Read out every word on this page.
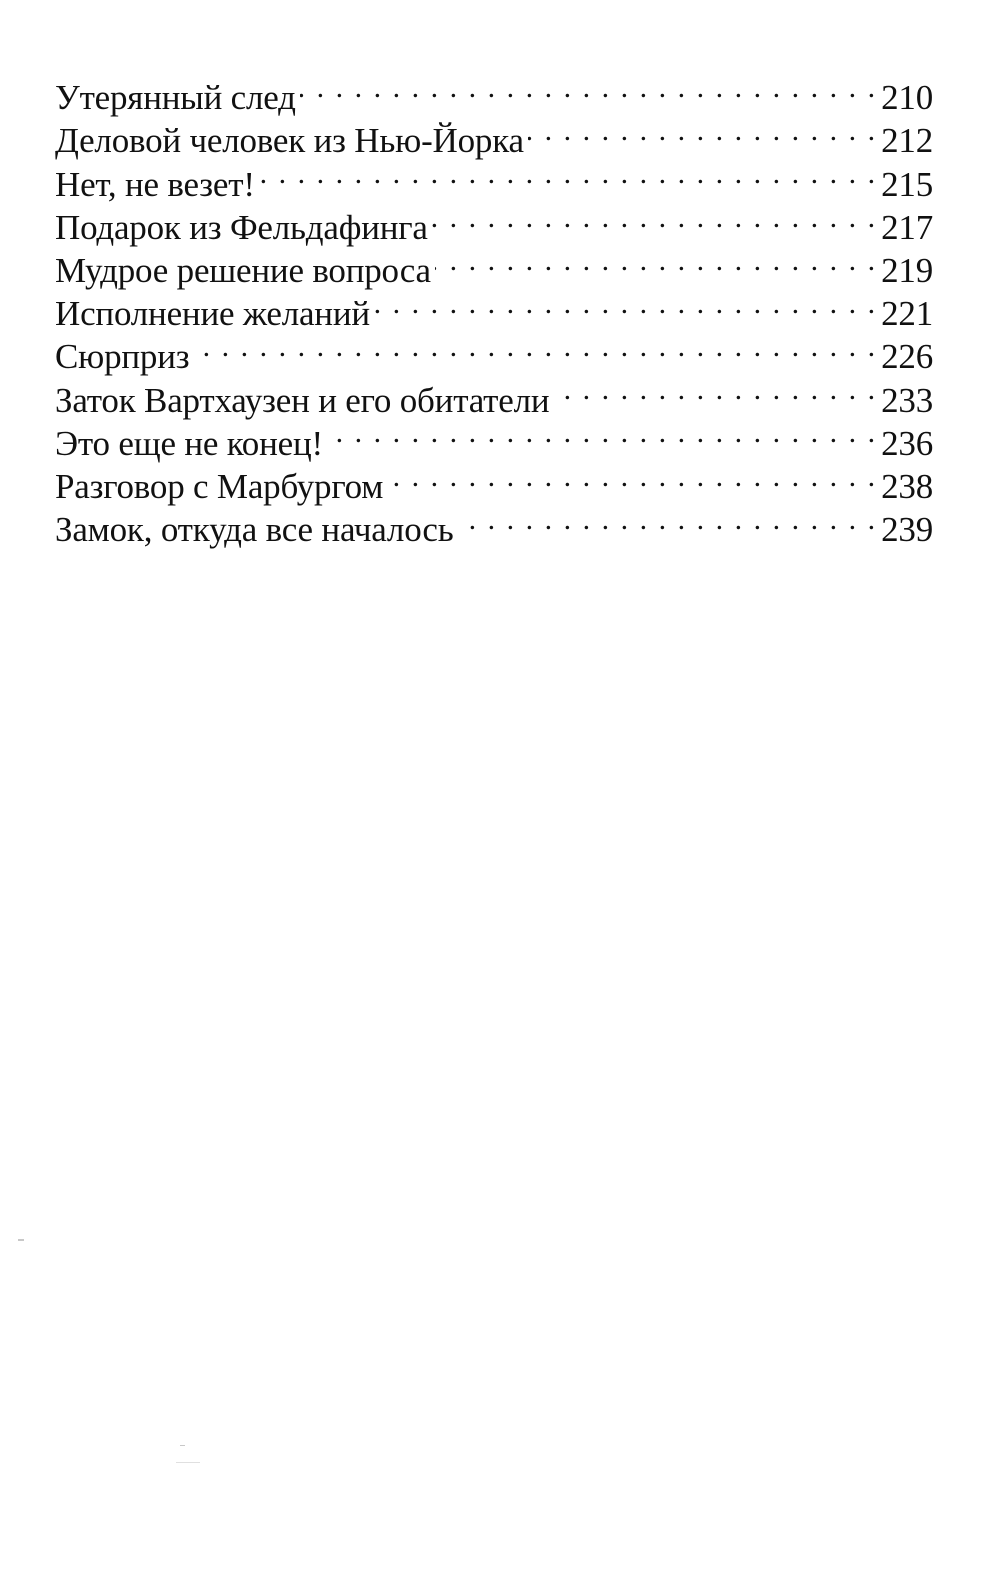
Утерянный след . . .	210
Деловой человек из Нью-Йорка . . .	212
Нет, не везет! . . .	215
Подарок из Фельдафинга . . .	217
Мудрое решение вопроса . . .	219
Исполнение желаний . . .	221
Сюрприз . . .	226
Заток Вартхаузен и его обитатели . . .	233
Это еще не конец! . . .	236
Разговор с Марбургом . . .	238
Замок, откуда все началось . . .	239
